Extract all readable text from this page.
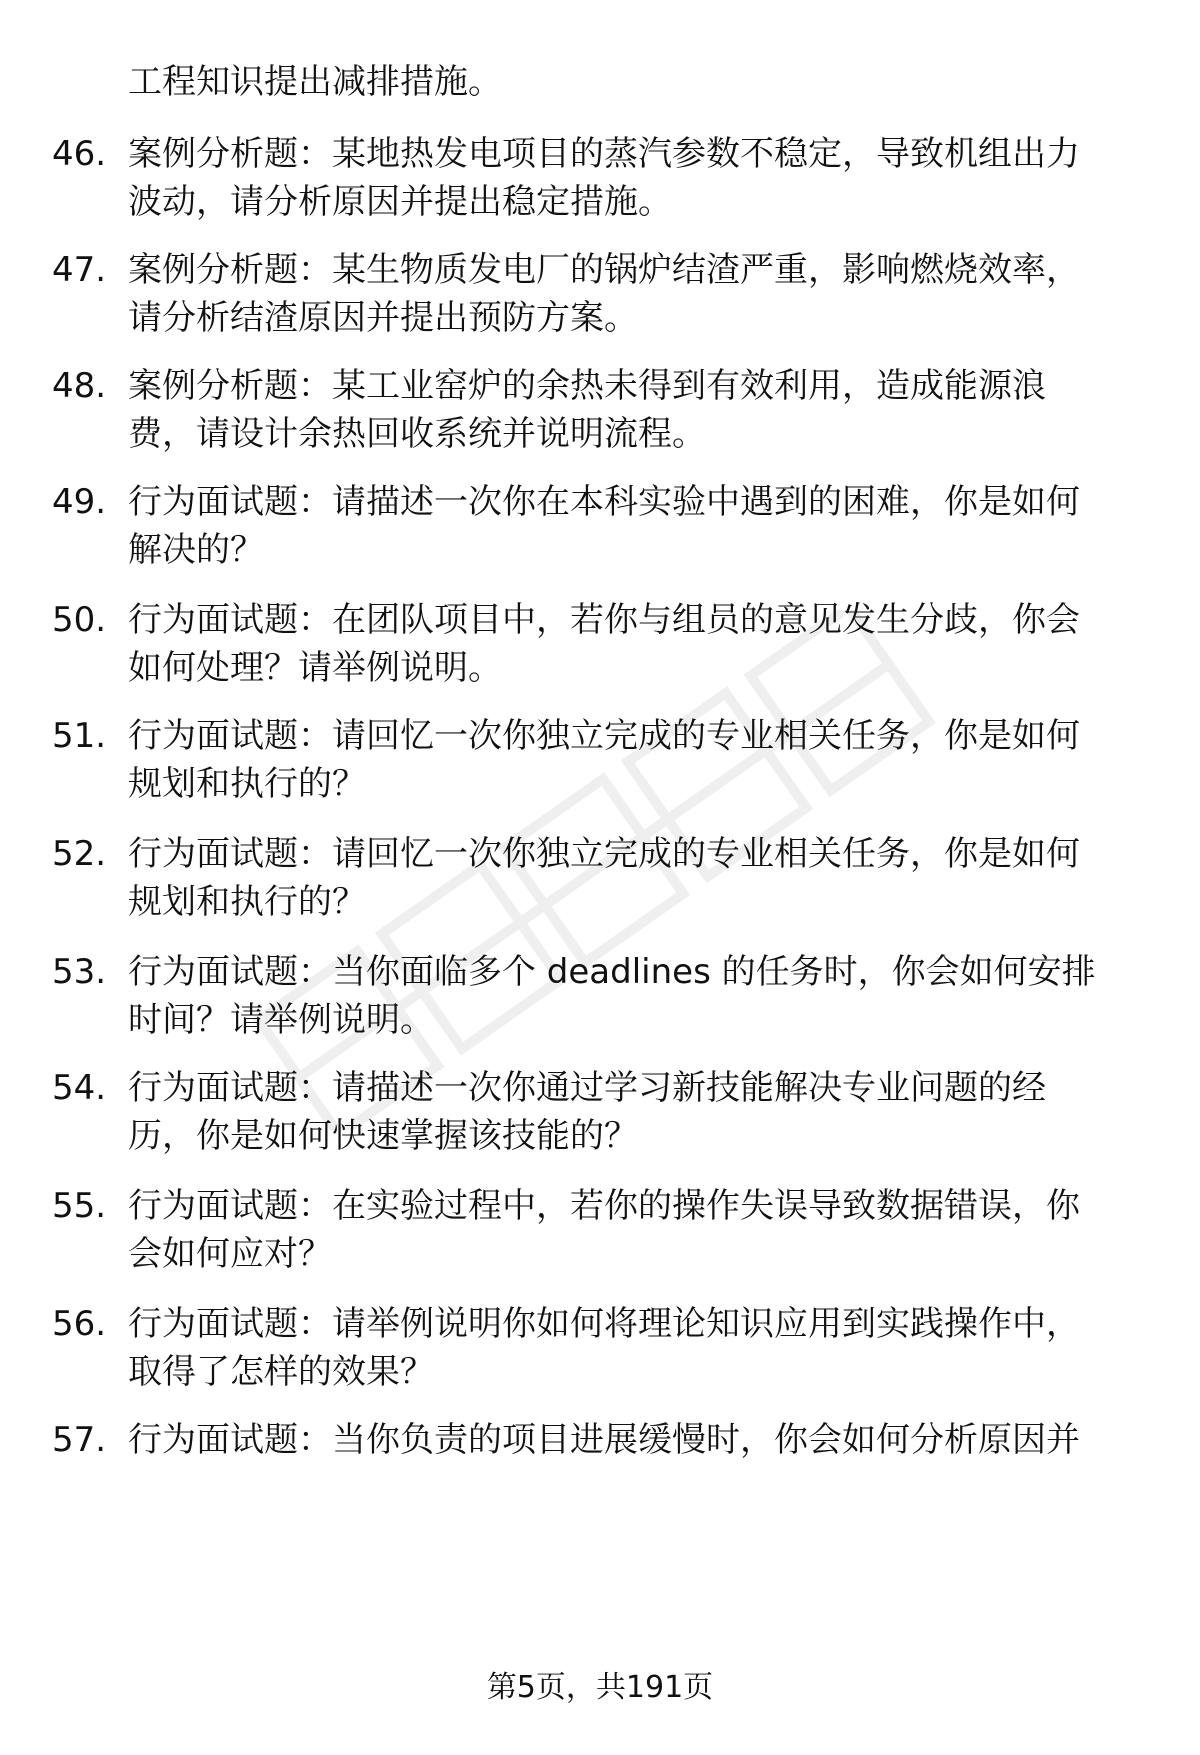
工程知识提出减排措施。
46. 案例分析题：某地热发电项目的蒸汽参数不稳定，导致机组出力
波动，请分析原因并提出稳定措施。
47. 案例分析题：某生物质发电厂的锅炉结渣严重，影响燃烧效率，
请分析结渣原因并提出预防方案。
48. 案例分析题：某工业窑炉的余热未得到有效利用，造成能源浪
费，请设计余热回收系统并说明流程。
49. 行为面试题：请描述一次你在本科实验中遇到的困难，你是如何
解决的？
50. 行为面试题：在团队项目中，若你与组员的意见发生分歧，你会
如何处理？请举例说明。
51. 行为面试题：请回忆一次你独立完成的专业相关任务，你是如何
规划和执行的？
52. 行为面试题：请回忆一次你独立完成的专业相关任务，你是如何
规划和执行的？
53. 行为面试题：当你面临多个 deadlines 的任务时，你会如何安排
时间？请举例说明。
54. 行为面试题：请描述一次你通过学习新技能解决专业问题的经
历，你是如何快速掌握该技能的？
55. 行为面试题：在实验过程中，若你的操作失误导致数据错误，你
会如何应对？
56. 行为面试题：请举例说明你如何将理论知识应用到实践操作中，
取得了怎样的效果？
57. 行为面试题：当你负责的项目进展缓慢时，你会如何分析原因并
第5页，共191页
